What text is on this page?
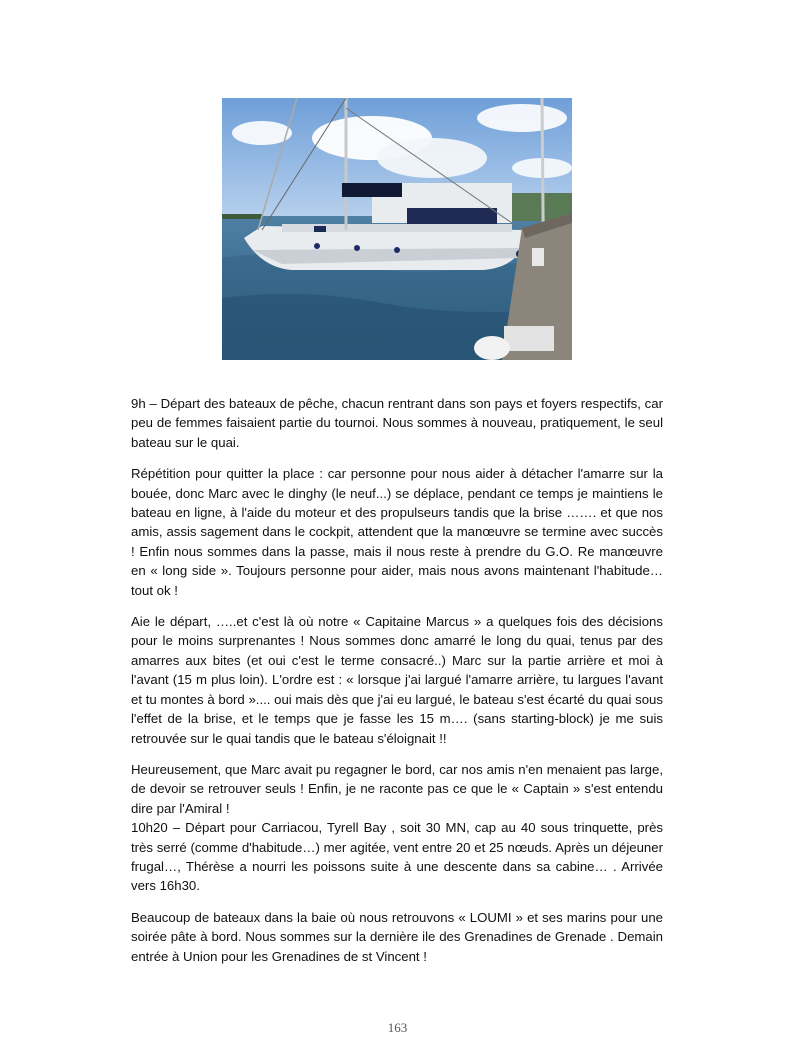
9h – Départ des bateaux de pêche, chacun rentrant dans son pays et foyers respectifs, car peu de femmes faisaient partie du tournoi. Nous sommes à nouveau, pratiquement, le seul bateau sur le quai.

Répétition pour quitter la place : car personne pour nous aider à détacher l'amarre sur la bouée, donc Marc avec le dinghy (le neuf...) se déplace, pendant ce temps je maintiens le bateau en ligne, à l'aide du moteur et des propulseurs tandis que la brise ……. et que nos amis, assis sagement dans le cockpit, attendent que la manœuvre se termine avec succès ! Enfin nous sommes dans la passe, mais il nous reste à prendre du G.O. Re manœuvre en « long side ». Toujours personne pour aider, mais nous avons maintenant l'habitude… tout ok !

Aie le départ, …..et c'est là où notre « Capitaine Marcus » a quelques fois des décisions pour le moins surprenantes ! Nous sommes donc amarré le long du quai, tenus par des amarres aux bites (et oui c'est le terme consacré..) Marc sur la partie arrière et moi à l'avant (15 m plus loin). L'ordre est : « lorsque j'ai largué l'amarre arrière, tu largues l'avant et tu montes à bord ».... oui mais dès que j'ai eu largué, le bateau s'est écarté du quai sous l'effet de la brise, et le temps que je fasse les 15 m…. (sans starting-block) je me suis retrouvée sur le quai tandis que le bateau s'éloignait !!

Heureusement, que Marc avait pu regagner le bord, car nos amis n'en menaient pas large, de devoir se retrouver seuls ! Enfin, je ne raconte pas ce que le « Captain » s'est entendu dire par l'Amiral !
10h20 – Départ pour Carriacou, Tyrell Bay , soit 30 MN, cap au 40 sous trinquette, près très serré (comme d'habitude…) mer agitée, vent entre 20 et 25 nœuds. Après un déjeuner frugal…, Thérèse a nourri les poissons suite à une descente dans sa cabine… . Arrivée vers 16h30.

Beaucoup de bateaux dans la baie où nous retrouvons « LOUMI » et ses marins pour une soirée pâte à bord. Nous sommes sur la dernière ile des Grenadines de Grenade . Demain entrée à Union pour les Grenadines de st Vincent !

163
